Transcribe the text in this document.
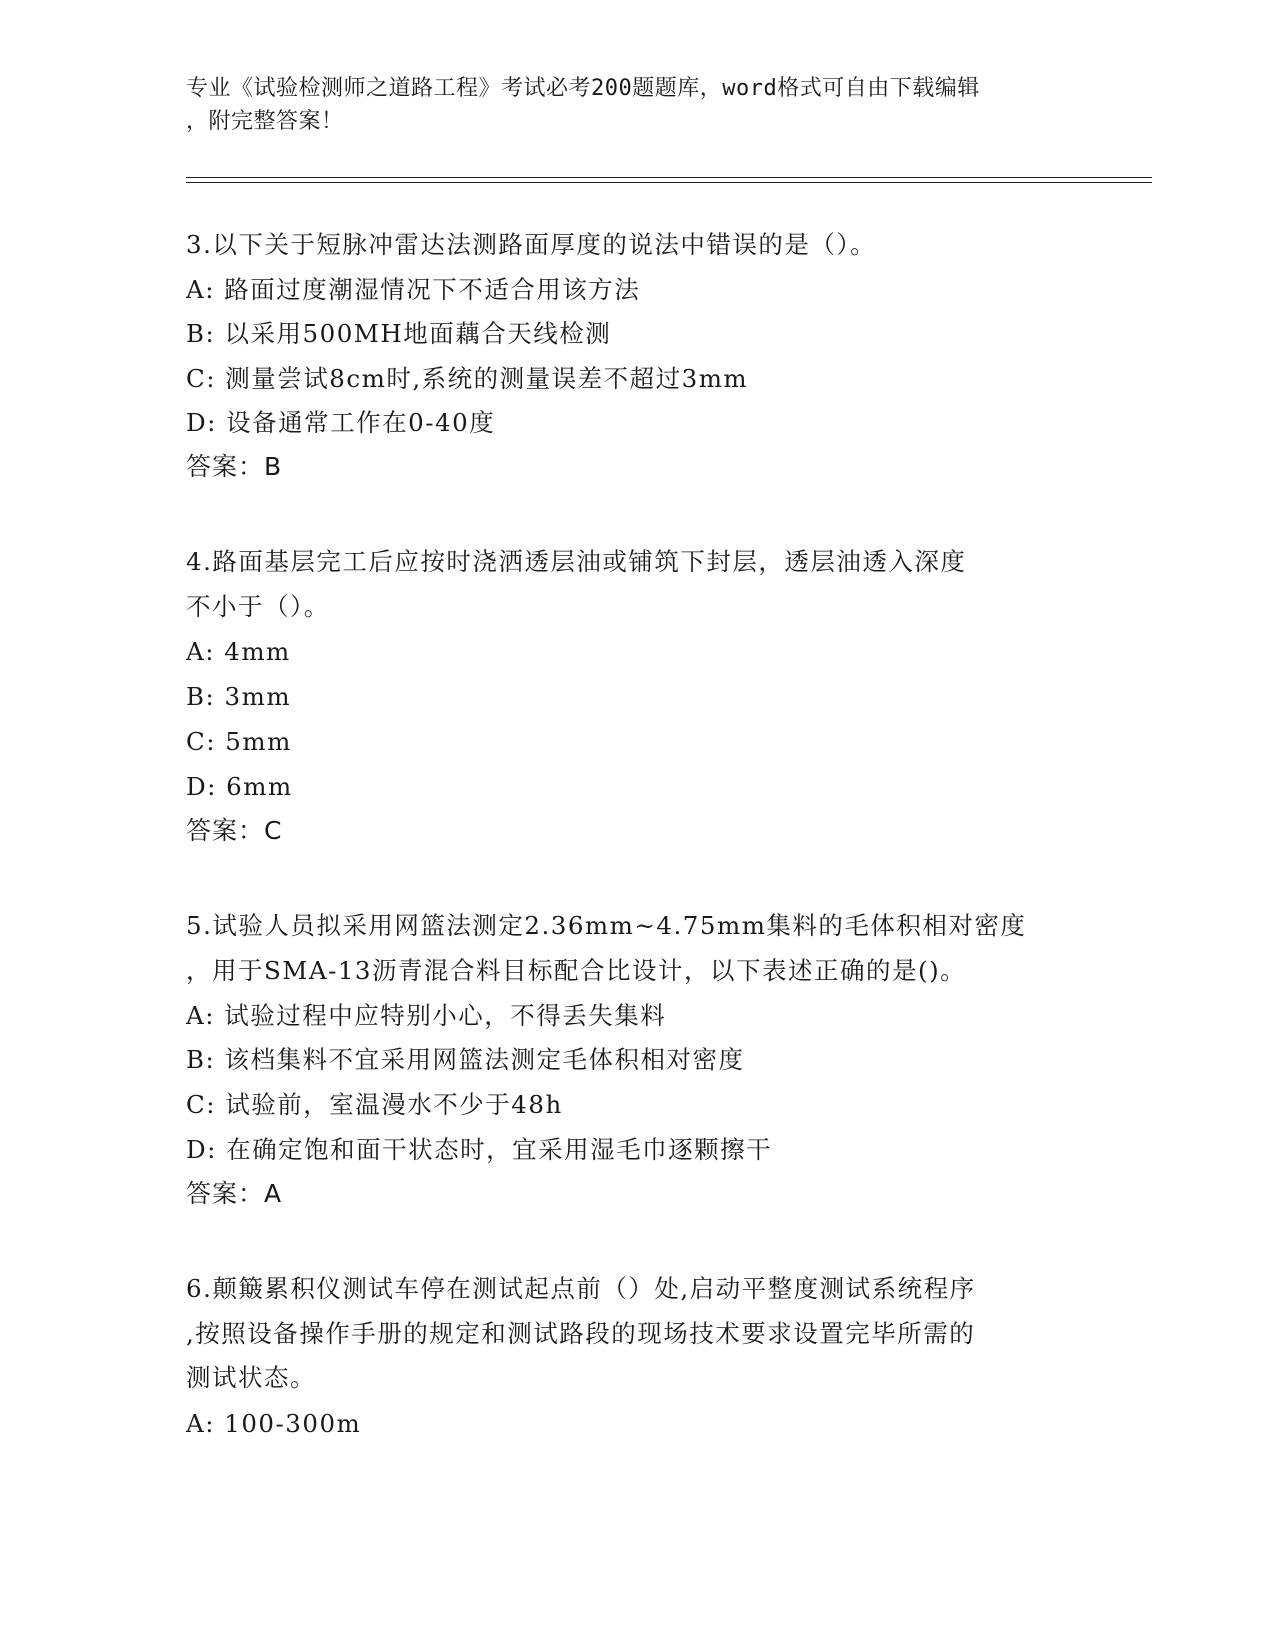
专业《试验检测师之道路工程》考试必考200题题库，word格式可自由下载编辑
，附完整答案！
3.以下关于短脉冲雷达法测路面厚度的说法中错误的是（）。
A: 路面过度潮湿情况下不适合用该方法
B: 以采用500MH地面藕合天线检测
C: 测量尝试8cm时,系统的测量误差不超过3mm
D: 设备通常工作在0-40度
答案：B
4.路面基层完工后应按时浇洒透层油或铺筑下封层，透层油透入深度
不小于（）。
A: 4mm
B: 3mm
C: 5mm
D: 6mm
答案：C
5.试验人员拟采用网篮法测定2.36mm~4.75mm集料的毛体积相对密度
，用于SMA-13沥青混合料目标配合比设计，以下表述正确的是()。
A: 试验过程中应特别小心，不得丢失集料
B: 该档集料不宜采用网篮法测定毛体积相对密度
C: 试验前，室温漫水不少于48h
D: 在确定饱和面干状态时，宜采用湿毛巾逐颗擦干
答案：A
6.颠簸累积仪测试车停在测试起点前（）处,启动平整度测试系统程序
,按照设备操作手册的规定和测试路段的现场技术要求设置完毕所需的
测试状态。
A: 100-300m
